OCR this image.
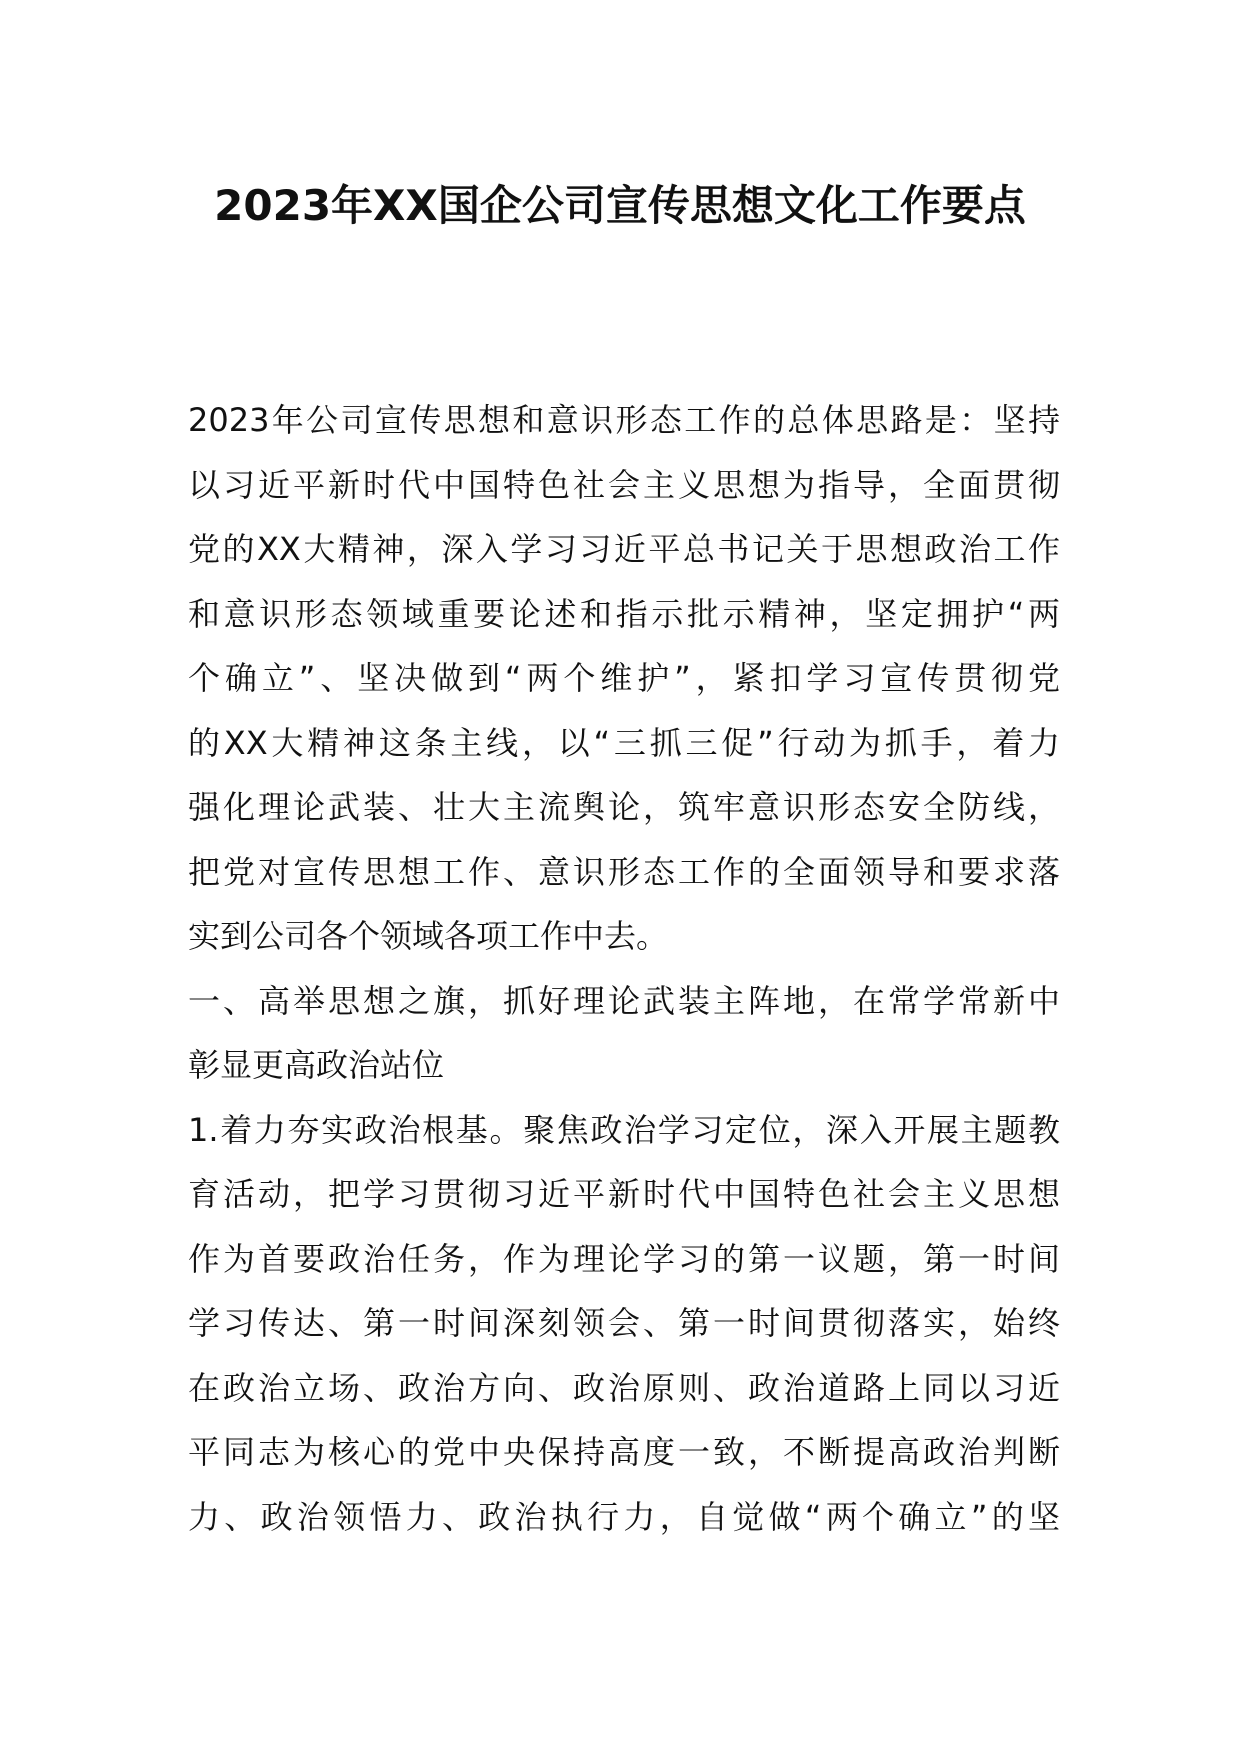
2023年XX国企公司宣传思想文化工作要点
2023年公司宣传思想和意识形态工作的总体思路是：坚持
以习近平新时代中国特色社会主义思想为指导，全面贯彻
党的XX大精神，深入学习习近平总书记关于思想政治工作
和意识形态领域重要论述和指示批示精神，坚定拥护“两
个确立”、坚决做到“两个维护”，紧扣学习宣传贯彻党
的XX大精神这条主线，以“三抓三促”行动为抓手，着力
强化理论武装、壮大主流舆论，筑牢意识形态安全防线，
把党对宣传思想工作、意识形态工作的全面领导和要求落
实到公司各个领域各项工作中去。
一、高举思想之旗，抓好理论武装主阵地，在常学常新中
彰显更高政治站位
1.着力夯实政治根基。聚焦政治学习定位，深入开展主题教
育活动，把学习贯彻习近平新时代中国特色社会主义思想
作为首要政治任务，作为理论学习的第一议题，第一时间
学习传达、第一时间深刻领会、第一时间贯彻落实，始终
在政治立场、政治方向、政治原则、政治道路上同以习近
平同志为核心的党中央保持高度一致，不断提高政治判断
力、政治领悟力、政治执行力，自觉做“两个确立”的坚
